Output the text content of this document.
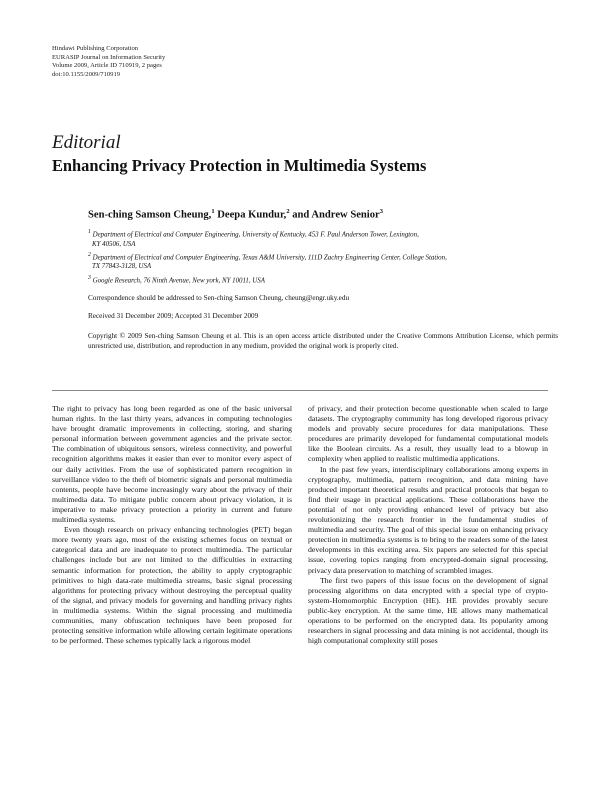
Hindawi Publishing Corporation
EURASIP Journal on Information Security
Volume 2009, Article ID 710919, 2 pages
doi:10.1155/2009/710919
Editorial
Enhancing Privacy Protection in Multimedia Systems
Sen-ching Samson Cheung,$^1$ Deepa Kundur,$^2$ and Andrew Senior$^3$
$^1$ Department of Electrical and Computer Engineering, University of Kentucky, 453 F. Paul Anderson Tower, Lexington,
KY 40506, USA
$^2$ Department of Electrical and Computer Engineering, Texas A&M University, 111D Zachry Engineering Center, College Station,
TX 77843-3128, USA
$^3$ Google Research, 76 Ninth Avenue, New york, NY 10011, USA
Correspondence should be addressed to Sen-ching Samson Cheung, cheung@engr.uky.edu
Received 31 December 2009; Accepted 31 December 2009
Copyright © 2009 Sen-ching Samson Cheung et al. This is an open access article distributed under the Creative Commons Attribution License, which permits unrestricted use, distribution, and reproduction in any medium, provided the original work is properly cited.

The right to privacy has long been regarded as one of the basic universal human rights. In the last thirty years, advances in computing technologies have brought dramatic improvements in collecting, storing, and sharing personal information between government agencies and the private sector. The combination of ubiquitous sensors, wireless connectivity, and powerful recognition algorithms makes it easier than ever to monitor every aspect of our daily activities. From the use of sophisticated pattern recognition in surveillance video to the theft of biometric signals and personal multimedia contents, people have become increasingly wary about the privacy of their multimedia data. To mitigate public concern about privacy violation, it is imperative to make privacy protection a priority in current and future multimedia systems.

Even though research on privacy enhancing technologies (PET) began more twenty years ago, most of the existing schemes focus on textual or categorical data and are inadequate to protect multimedia. The particular challenges include but are not limited to the difficulties in extracting semantic information for protection, the ability to apply cryptographic primitives to high data-rate multimedia streams, basic signal processing algorithms for protecting privacy without destroying the perceptual quality of the signal, and privacy models for governing and handling privacy rights in multimedia systems. Within the signal processing and multimedia communities, many obfuscation techniques have been proposed for protecting sensitive information while allowing certain legitimate operations to be performed. These schemes typically lack a rigorous model

of privacy, and their protection become questionable when scaled to large datasets. The cryptography community has long developed rigorous privacy models and provably secure procedures for data manipulations. These procedures are primarily developed for fundamental computational models like the Boolean circuits. As a result, they usually lead to a blowup in complexity when applied to realistic multimedia applications.

In the past few years, interdisciplinary collaborations among experts in cryptography, multimedia, pattern recognition, and data mining have produced important theoretical results and practical protocols that began to find their usage in practical applications. These collaborations have the potential of not only providing enhanced level of privacy but also revolutionizing the research frontier in the fundamental studies of multimedia and security. The goal of this special issue on enhancing privacy protection in multimedia systems is to bring to the readers some of the latest developments in this exciting area. Six papers are selected for this special issue, covering topics ranging from encrypted-domain signal processing, privacy data preservation to matching of scrambled images.

The first two papers of this issue focus on the development of signal processing algorithms on data encrypted with a special type of crypto-system-Homomorphic Encryption (HE). HE provides provably secure public-key encryption. At the same time, HE allows many mathematical operations to be performed on the encrypted data. Its popularity among researchers in signal processing and data mining is not accidental, though its high computational complexity still poses
